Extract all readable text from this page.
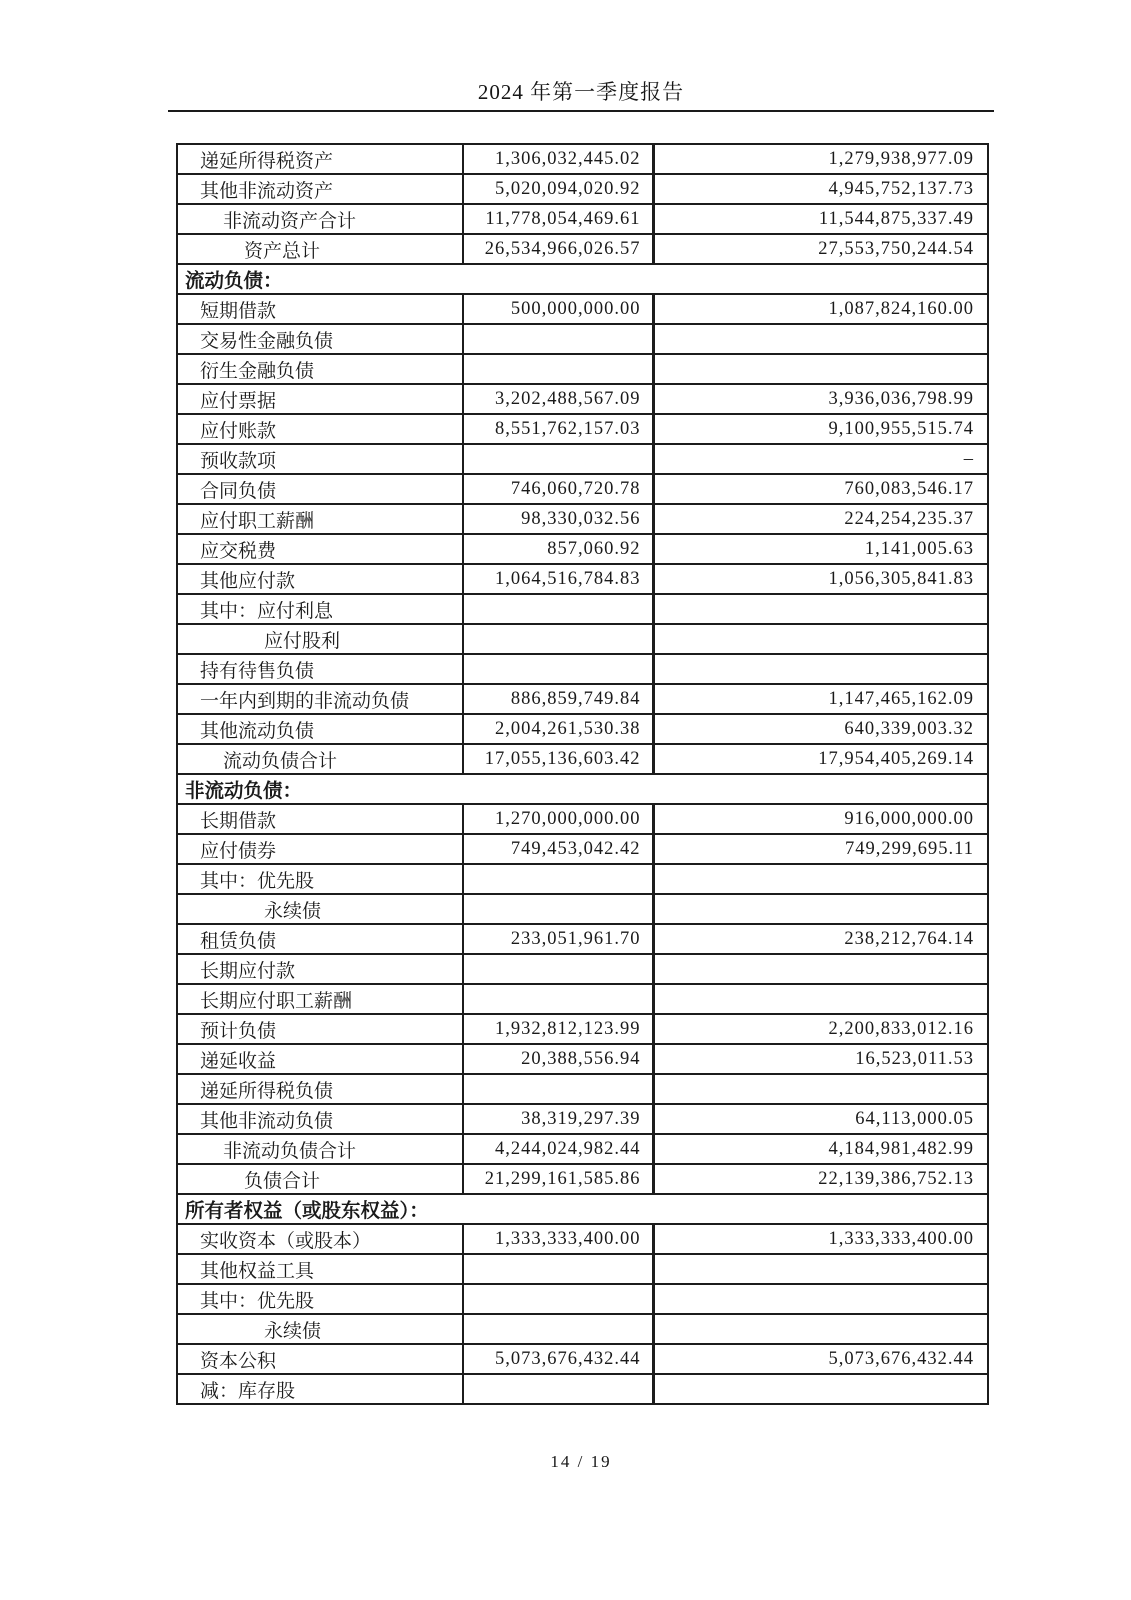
2024 年第一季度报告
递延所得税资产	1,306,032,445.02	1,279,938,977.09
其他非流动资产	5,020,094,020.92	4,945,752,137.73
非流动资产合计	11,778,054,469.61	11,544,875,337.49
资产总计	26,534,966,026.57	27,553,750,244.54
流动负债：		
短期借款	500,000,000.00	1,087,824,160.00
交易性金融负债		
衍生金融负债		
应付票据	3,202,488,567.09	3,936,036,798.99
应付账款	8,551,762,157.03	9,100,955,515.74
预收款项		–
合同负债	746,060,720.78	760,083,546.17
应付职工薪酬	98,330,032.56	224,254,235.37
应交税费	857,060.92	1,141,005.63
其他应付款	1,064,516,784.83	1,056,305,841.83
其中：应付利息		
应付股利		
持有待售负债		
一年内到期的非流动负债	886,859,749.84	1,147,465,162.09
其他流动负债	2,004,261,530.38	640,339,003.32
流动负债合计	17,055,136,603.42	17,954,405,269.14
非流动负债：		
长期借款	1,270,000,000.00	916,000,000.00
应付债券	749,453,042.42	749,299,695.11
其中：优先股		
永续债		
租赁负债	233,051,961.70	238,212,764.14
长期应付款		
长期应付职工薪酬		
预计负债	1,932,812,123.99	2,200,833,012.16
递延收益	20,388,556.94	16,523,011.53
递延所得税负债		
其他非流动负债	38,319,297.39	64,113,000.05
非流动负债合计	4,244,024,982.44	4,184,981,482.99
负债合计	21,299,161,585.86	22,139,386,752.13
所有者权益（或股东权益）：		
实收资本（或股本）	1,333,333,400.00	1,333,333,400.00
其他权益工具		
其中：优先股		
永续债		
资本公积	5,073,676,432.44	5,073,676,432.44
减：库存股		
14 / 19
